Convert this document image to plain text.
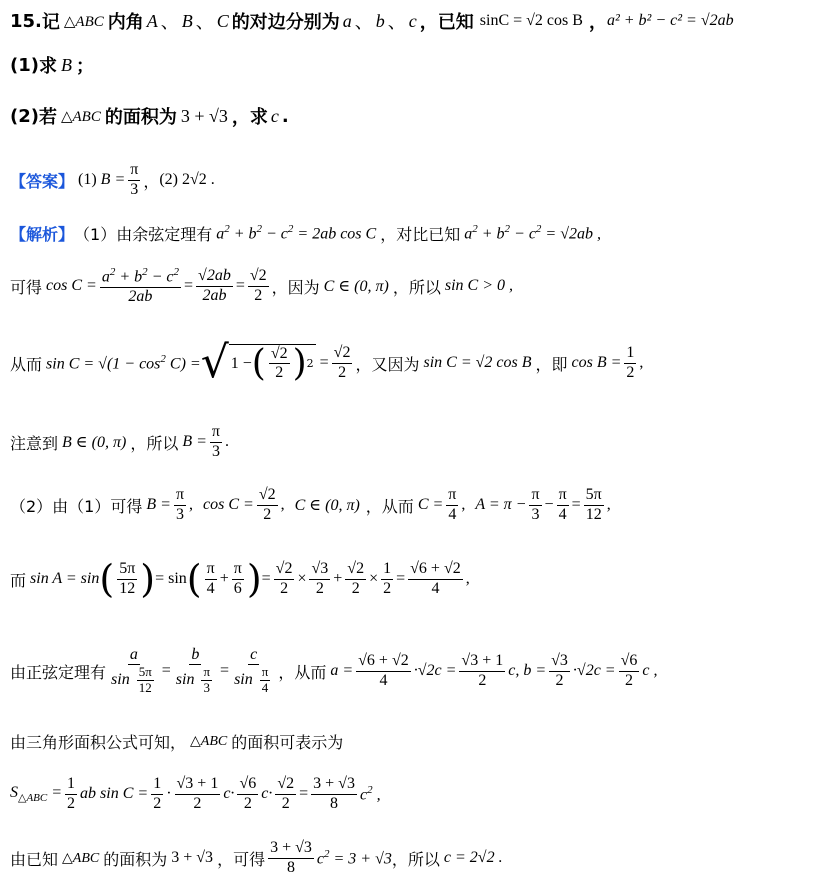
15. 记 △ABC 内角 A 、 B 、 C 的对边分别为 a 、 b 、 c ，已知 sinC = √2 cos B ， a² + b² − c² = √2ab
(1) 求 B ；
(2) 若 △ABC 的面积为 3 + √3 ，求 c .
【答案】 (1) $B = \frac{\pi}{3}$ ， (2) 2√2 .
【解析】 （1）由余弦定理有 $a^2 + b^2 - c^2 = 2ab$ cos C ，对比已知 $a^2 + b^2 - c^2 = √2ab$ ,
可得 $\cos C = \frac{a^2 + b^2 - c^2}{2ab} = \frac{√2ab}{2ab} = \frac{√2}{2}$ ，因为 C ∈ (0, π) ，所以 sin C > 0 ,
从而 $\sin C = √(1 - \cos^2 C)$ = √ 1 − ( $\frac{√2}{2}$ ) $2 = \frac{√2}{2}$ ，又因为 sin C = √2 cos B ，即 $\cos B = \frac{1}{2}$ ,
注意到 B ∈ (0, π) ，所以 $B = \frac{\pi}{3}$ .
（2）由（1）可得 $B = \frac{\pi}{3}$ , $\cos C = \frac{√2}{2}$ , C ∈ (0, π) ，从而 $C = \frac{\pi}{4}$ , $A = \pi - \frac{\pi}{3} - \frac{\pi}{4} = \frac{5\pi}{12}$ ,
而 sin A = sin ( $\frac{5\pi}{12}$ ) = sin ( $\frac{\pi}{4} + \frac{\pi}{6}$ ) = $\frac{√2}{2} \times \frac{√3}{2} + \frac{√2}{2} \times \frac{1}{2} = \frac{√6 + √2}{4}$ ,
由正弦定理有 $\frac{a}{\sin \frac{5\pi}{12}} = \frac{b}{\sin \frac{\pi}{3}} = \frac{c}{\sin \frac{\pi}{4}}$ ，从而 $a = \frac{√6 + √2}{4} \cdot√2c = \frac{√3 + 1}{2} c$, $b = \frac{√3}{2} \cdot√2c = \frac{√6}{2}$ c ,
由三角形面积公式可知， △ABC 的面积可表示为
$S_{\triangle ABC} = \frac{1}{2}$ ab $\sin C = \frac{1}{2} \cdot \frac{√3 + 1}{2} c\cdot \frac{√6}{2} c\cdot \frac{√2}{2} = \frac{3 + √3}{8} c^2$ ,
由已知 △ABC 的面积为 3 + √3 ，可得 $\frac{3 + √3}{8} c^2 = 3 + √3$ ，所以 c = 2√2 .
